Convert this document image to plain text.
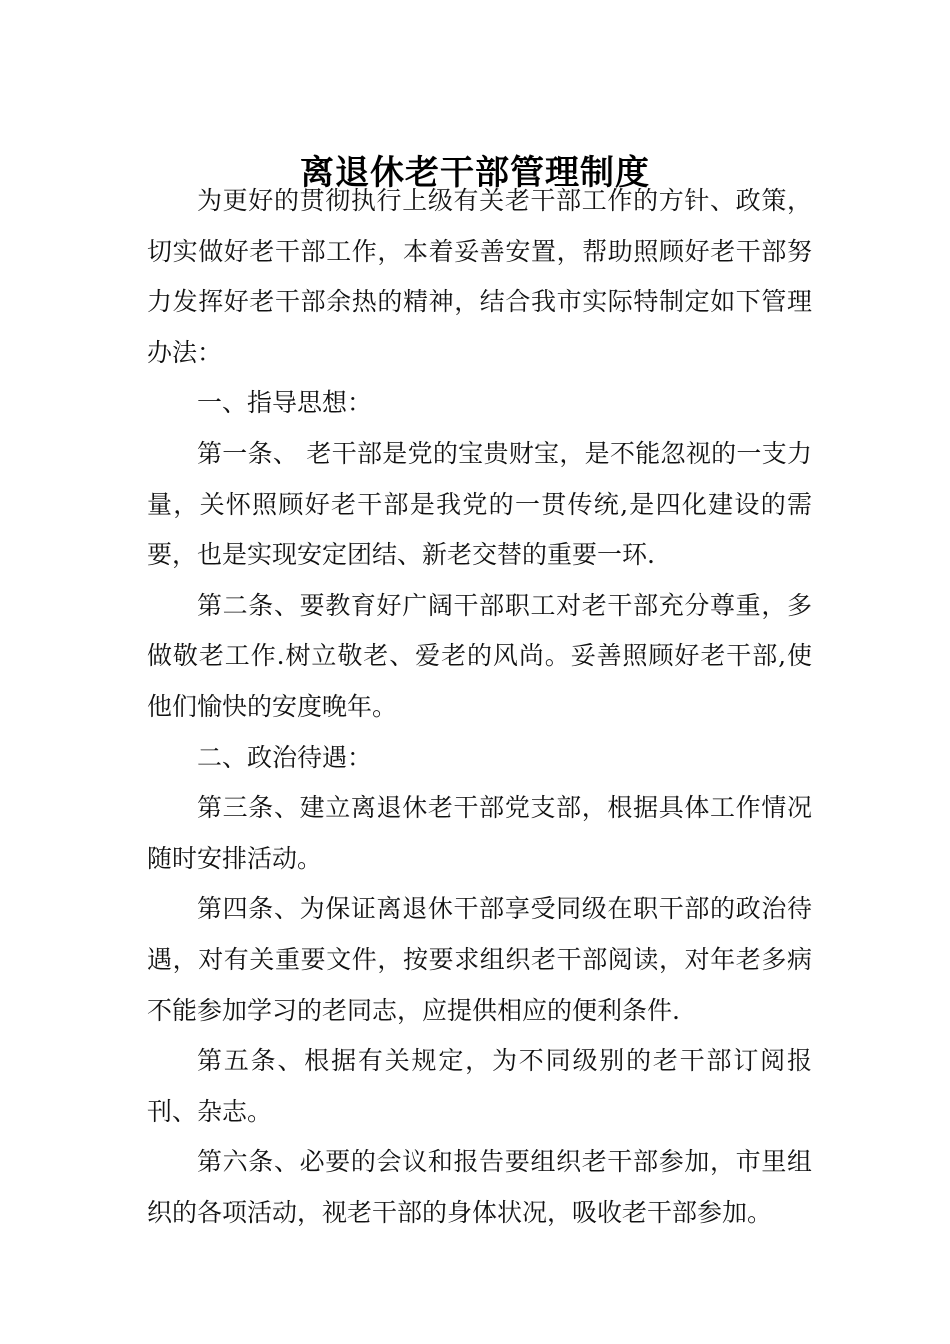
离退休老干部管理制度

为更好的贯彻执行上级有关老干部工作的方针、政策，切实做好老干部工作，本着妥善安置，帮助照顾好老干部努力发挥好老干部余热的精神，结合我市实际特制定如下管理办法：

一、指导思想：

第一条、 老干部是党的宝贵财宝，是不能忽视的一支力量，关怀照顾好老干部是我党的一贯传统,是四化建设的需要，也是实现安定团结、新老交替的重要一环.

第二条、要教育好广阔干部职工对老干部充分尊重，多做敬老工作.树立敬老、爱老的风尚。妥善照顾好老干部,使他们愉快的安度晚年。

二、政治待遇：

第三条、建立离退休老干部党支部，根据具体工作情况随时安排活动。

第四条、为保证离退休干部享受同级在职干部的政治待遇，对有关重要文件，按要求组织老干部阅读，对年老多病不能参加学习的老同志，应提供相应的便利条件.

第五条、根据有关规定，为不同级别的老干部订阅报刊、杂志。

第六条、必要的会议和报告要组织老干部参加，市里组织的各项活动，视老干部的身体状况，吸收老干部参加。
